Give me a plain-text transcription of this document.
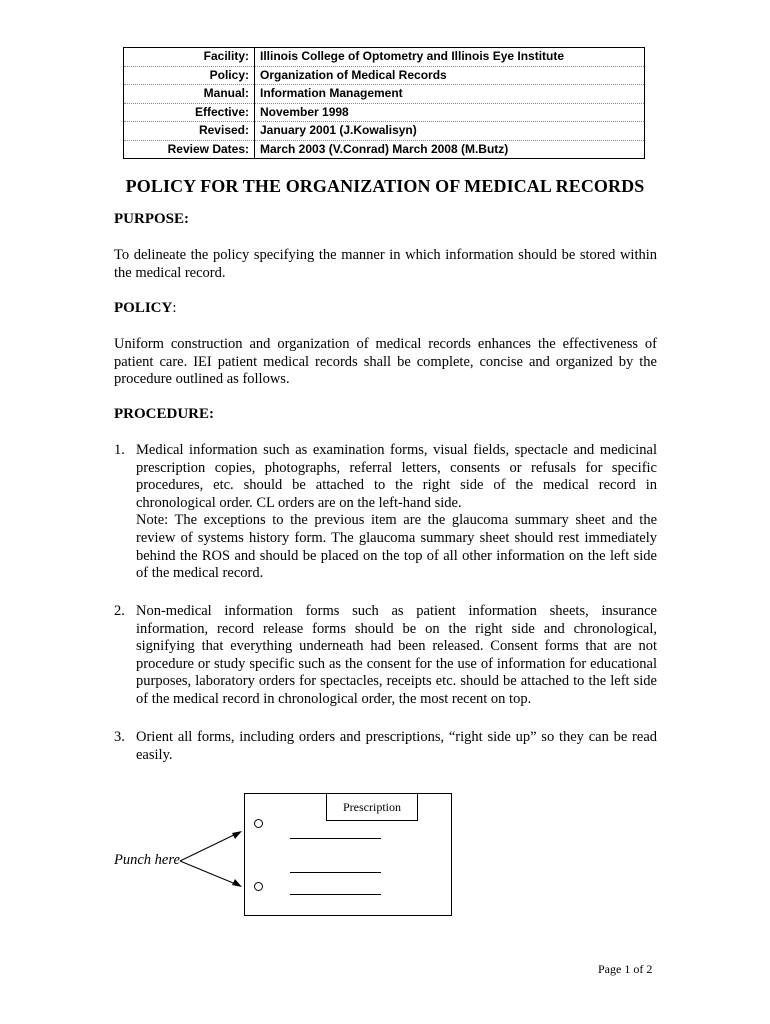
Facility:	Illinois College of Optometry and Illinois Eye Institute
Policy:	Organization of Medical Records
Manual:	Information Management
Effective:	November 1998
Revised:	January 2001 (J.Kowalisyn)
Review Dates:	March 2003 (V.Conrad) March 2008 (M.Butz)
POLICY FOR THE ORGANIZATION OF MEDICAL RECORDS
PURPOSE:

To delineate the policy specifying the manner in which information should be stored within the medical record.

POLICY:

Uniform construction and organization of medical records enhances the effectiveness of patient care. IEI patient medical records shall be complete, concise and organized by the procedure outlined as follows.

PROCEDURE:
1. Medical information such as examination forms, visual fields, spectacle and medicinal prescription copies, photographs, referral letters, consents or refusals for specific procedures, etc. should be attached to the right side of the medical record in chronological order. CL orders are on the left-hand side.
Note: The exceptions to the previous item are the glaucoma summary sheet and the review of systems history form. The glaucoma summary sheet should rest immediately behind the ROS and should be placed on the top of all other information on the left side of the medical record.
2. Non-medical information forms such as patient information sheets, insurance information, record release forms should be on the right side and chronological, signifying that everything underneath had been released. Consent forms that are not procedure or study specific such as the consent for the use of information for educational purposes, laboratory orders for spectacles, receipts etc. should be attached to the left side of the medical record in chronological order, the most recent on top.
3. Orient all forms, including orders and prescriptions, “right side up” so they can be read easily.
Prescription
Punch here
Page 1 of 2
